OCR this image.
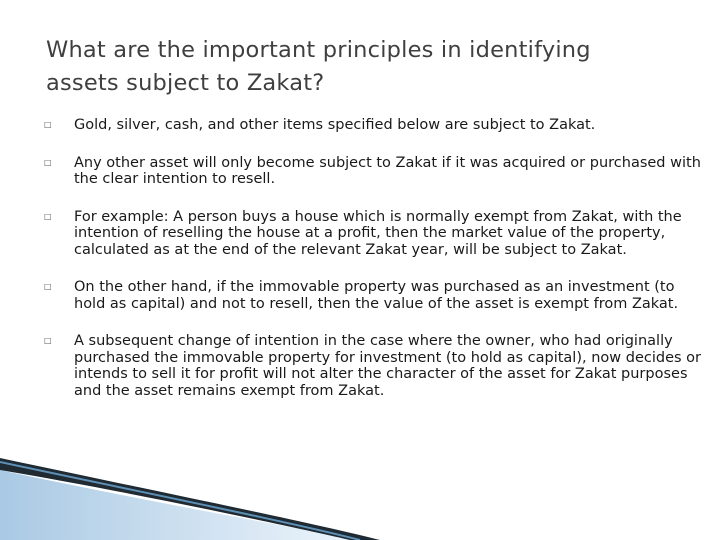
What are the important principles in identifying assets subject to Zakat?
□ Gold, silver, cash, and other items specified below are subject to Zakat.
□ Any other asset will only become subject to Zakat if it was acquired or purchased with the clear intention to resell.
□ For example: A person buys a house which is normally exempt from Zakat, with the intention of reselling the house at a profit, then the market value of the property, calculated as at the end of the relevant Zakat year, will be subject to Zakat.
□ On the other hand, if the immovable property was purchased as an investment (to hold as capital) and not to resell, then the value of the asset is exempt from Zakat.
□ A subsequent change of intention in the case where the owner, who had originally purchased the immovable property for investment (to hold as capital), now decides or intends to sell it for profit will not alter the character of the asset for Zakat purposes and the asset remains exempt from Zakat.
